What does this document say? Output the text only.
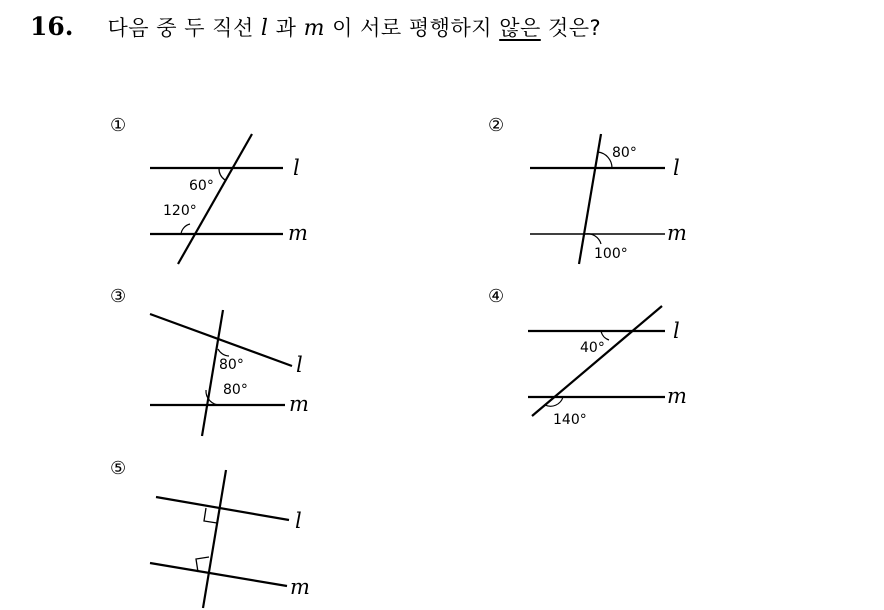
16. 다음 중 두 직선 l 과 m 이 서로 평행하지 않은 것은?
①	②
③	④
⑤
l
m
l
m
l
m
l
m
l
m
60°
120°
80°
100°
80°
80°
40°
140°
